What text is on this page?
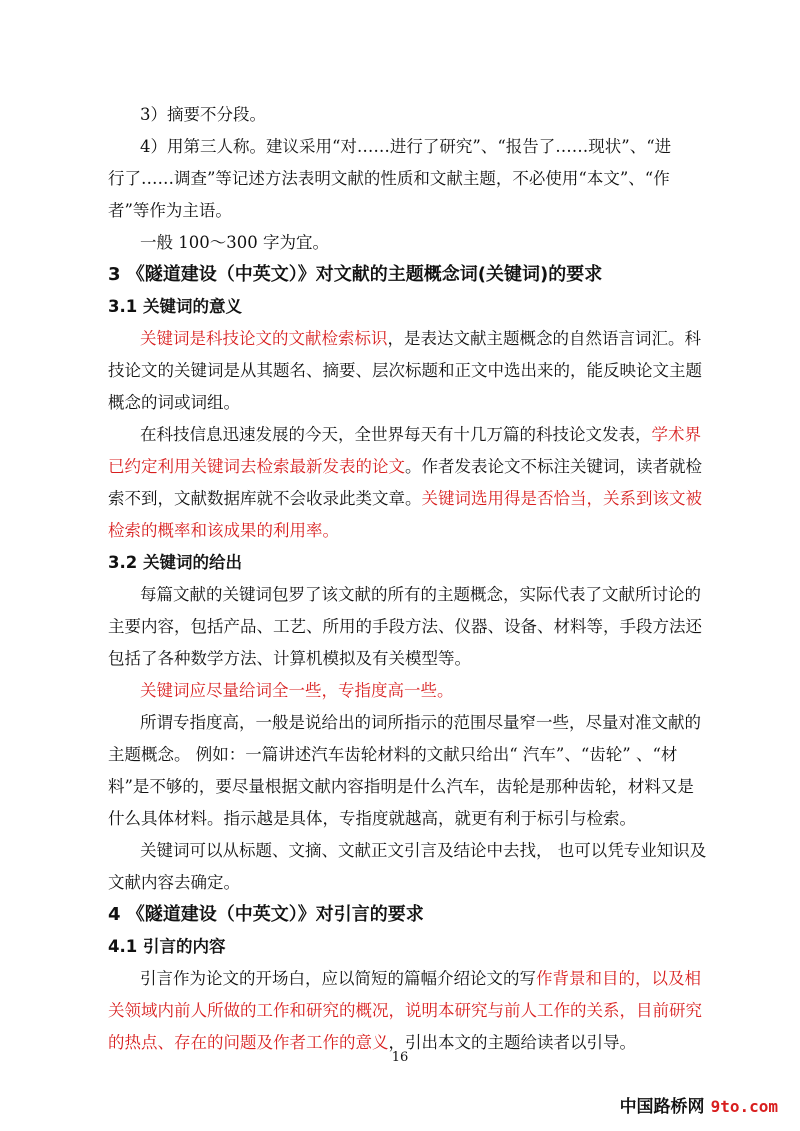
3）摘要不分段。
4）用第三人称。建议采用“对……进行了研究”、“报告了……现状”、“进
行了……调查”等记述方法表明文献的性质和文献主题，不必使用“本文”、“作
者”等作为主语。
一般 100～300 字为宜。
3 《隧道建设（中英文）》对文献的主题概念词(关键词)的要求
3.1 关键词的意义
关键词是科技论文的文献检索标识，是表达文献主题概念的自然语言词汇。科
技论文的关键词是从其题名、摘要、层次标题和正文中选出来的，能反映论文主题
概念的词或词组。
在科技信息迅速发展的今天，全世界每天有十几万篇的科技论文发表，学术界
已约定利用关键词去检索最新发表的论文。作者发表论文不标注关键词，读者就检
索不到，文献数据库就不会收录此类文章。关键词选用得是否恰当，关系到该文被
检索的概率和该成果的利用率。
3.2 关键词的给出
每篇文献的关键词包罗了该文献的所有的主题概念，实际代表了文献所讨论的
主要内容，包括产品、工艺、所用的手段方法、仪器、设备、材料等，手段方法还
包括了各种数学方法、计算机模拟及有关模型等。
关键词应尽量给词全一些，专指度高一些。
所谓专指度高，一般是说给出的词所指示的范围尽量窄一些，尽量对准文献的
主题概念。 例如：一篇讲述汽车齿轮材料的文献只给出“ 汽车”、“齿轮” 、“材
料”是不够的，要尽量根据文献内容指明是什么汽车，齿轮是那种齿轮，材料又是
什么具体材料。指示越是具体，专指度就越高，就更有利于标引与检索。
关键词可以从标题、文摘、文献正文引言及结论中去找， 也可以凭专业知识及
文献内容去确定。
4 《隧道建设（中英文）》对引言的要求
4.1 引言的内容
引言作为论文的开场白，应以简短的篇幅介绍论文的写作背景和目的，以及相
关领域内前人所做的工作和研究的概况，说明本研究与前人工作的关系，目前研究
的热点、存在的问题及作者工作的意义，引出本文的主题给读者以引导。
16
中国路桥网 9to.com
